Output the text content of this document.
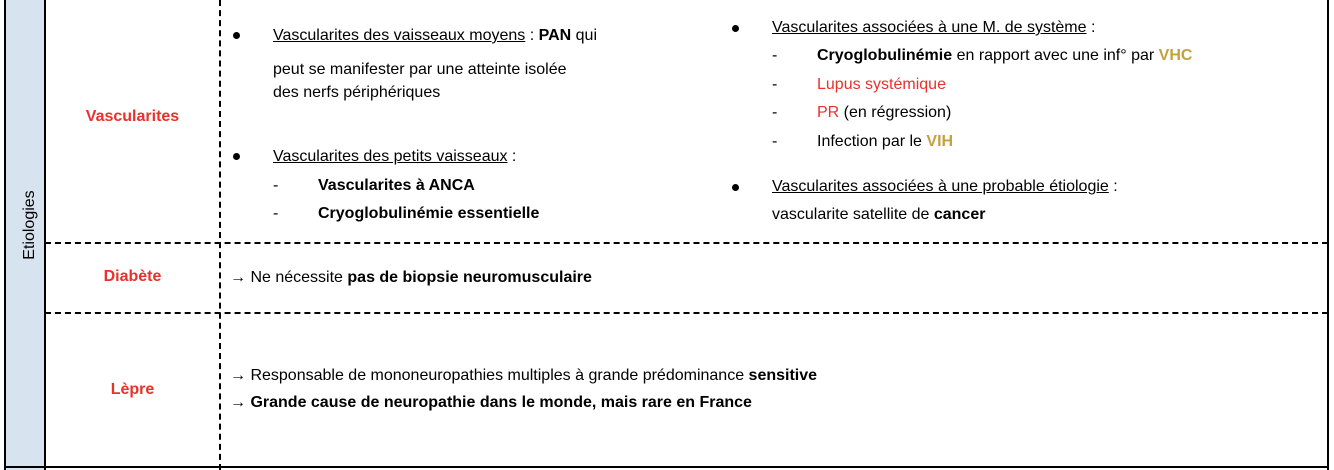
Etiologies
Vascularites
Vascularites des vaisseaux moyens : PAN qui
peut se manifester par une atteinte isolée
des nerfs périphériques
Vascularites des petits vaisseaux :
- Vascularites à ANCA
- Cryoglobulinémie essentielle
Vascularites associées à une M. de système :
- Cryoglobulinémie en rapport avec une inf° par VHC
- Lupus systémique
- PR (en régression)
- Infection par le VIH
Vascularites associées à une probable étiologie :
vascularite satellite de cancer
Diabète	→ Ne nécessite pas de biopsie neuromusculaire
Lèpre
→ Responsable de mononeuropathies multiples à grande prédominance sensitive
→ Grande cause de neuropathie dans le monde, mais rare en France
